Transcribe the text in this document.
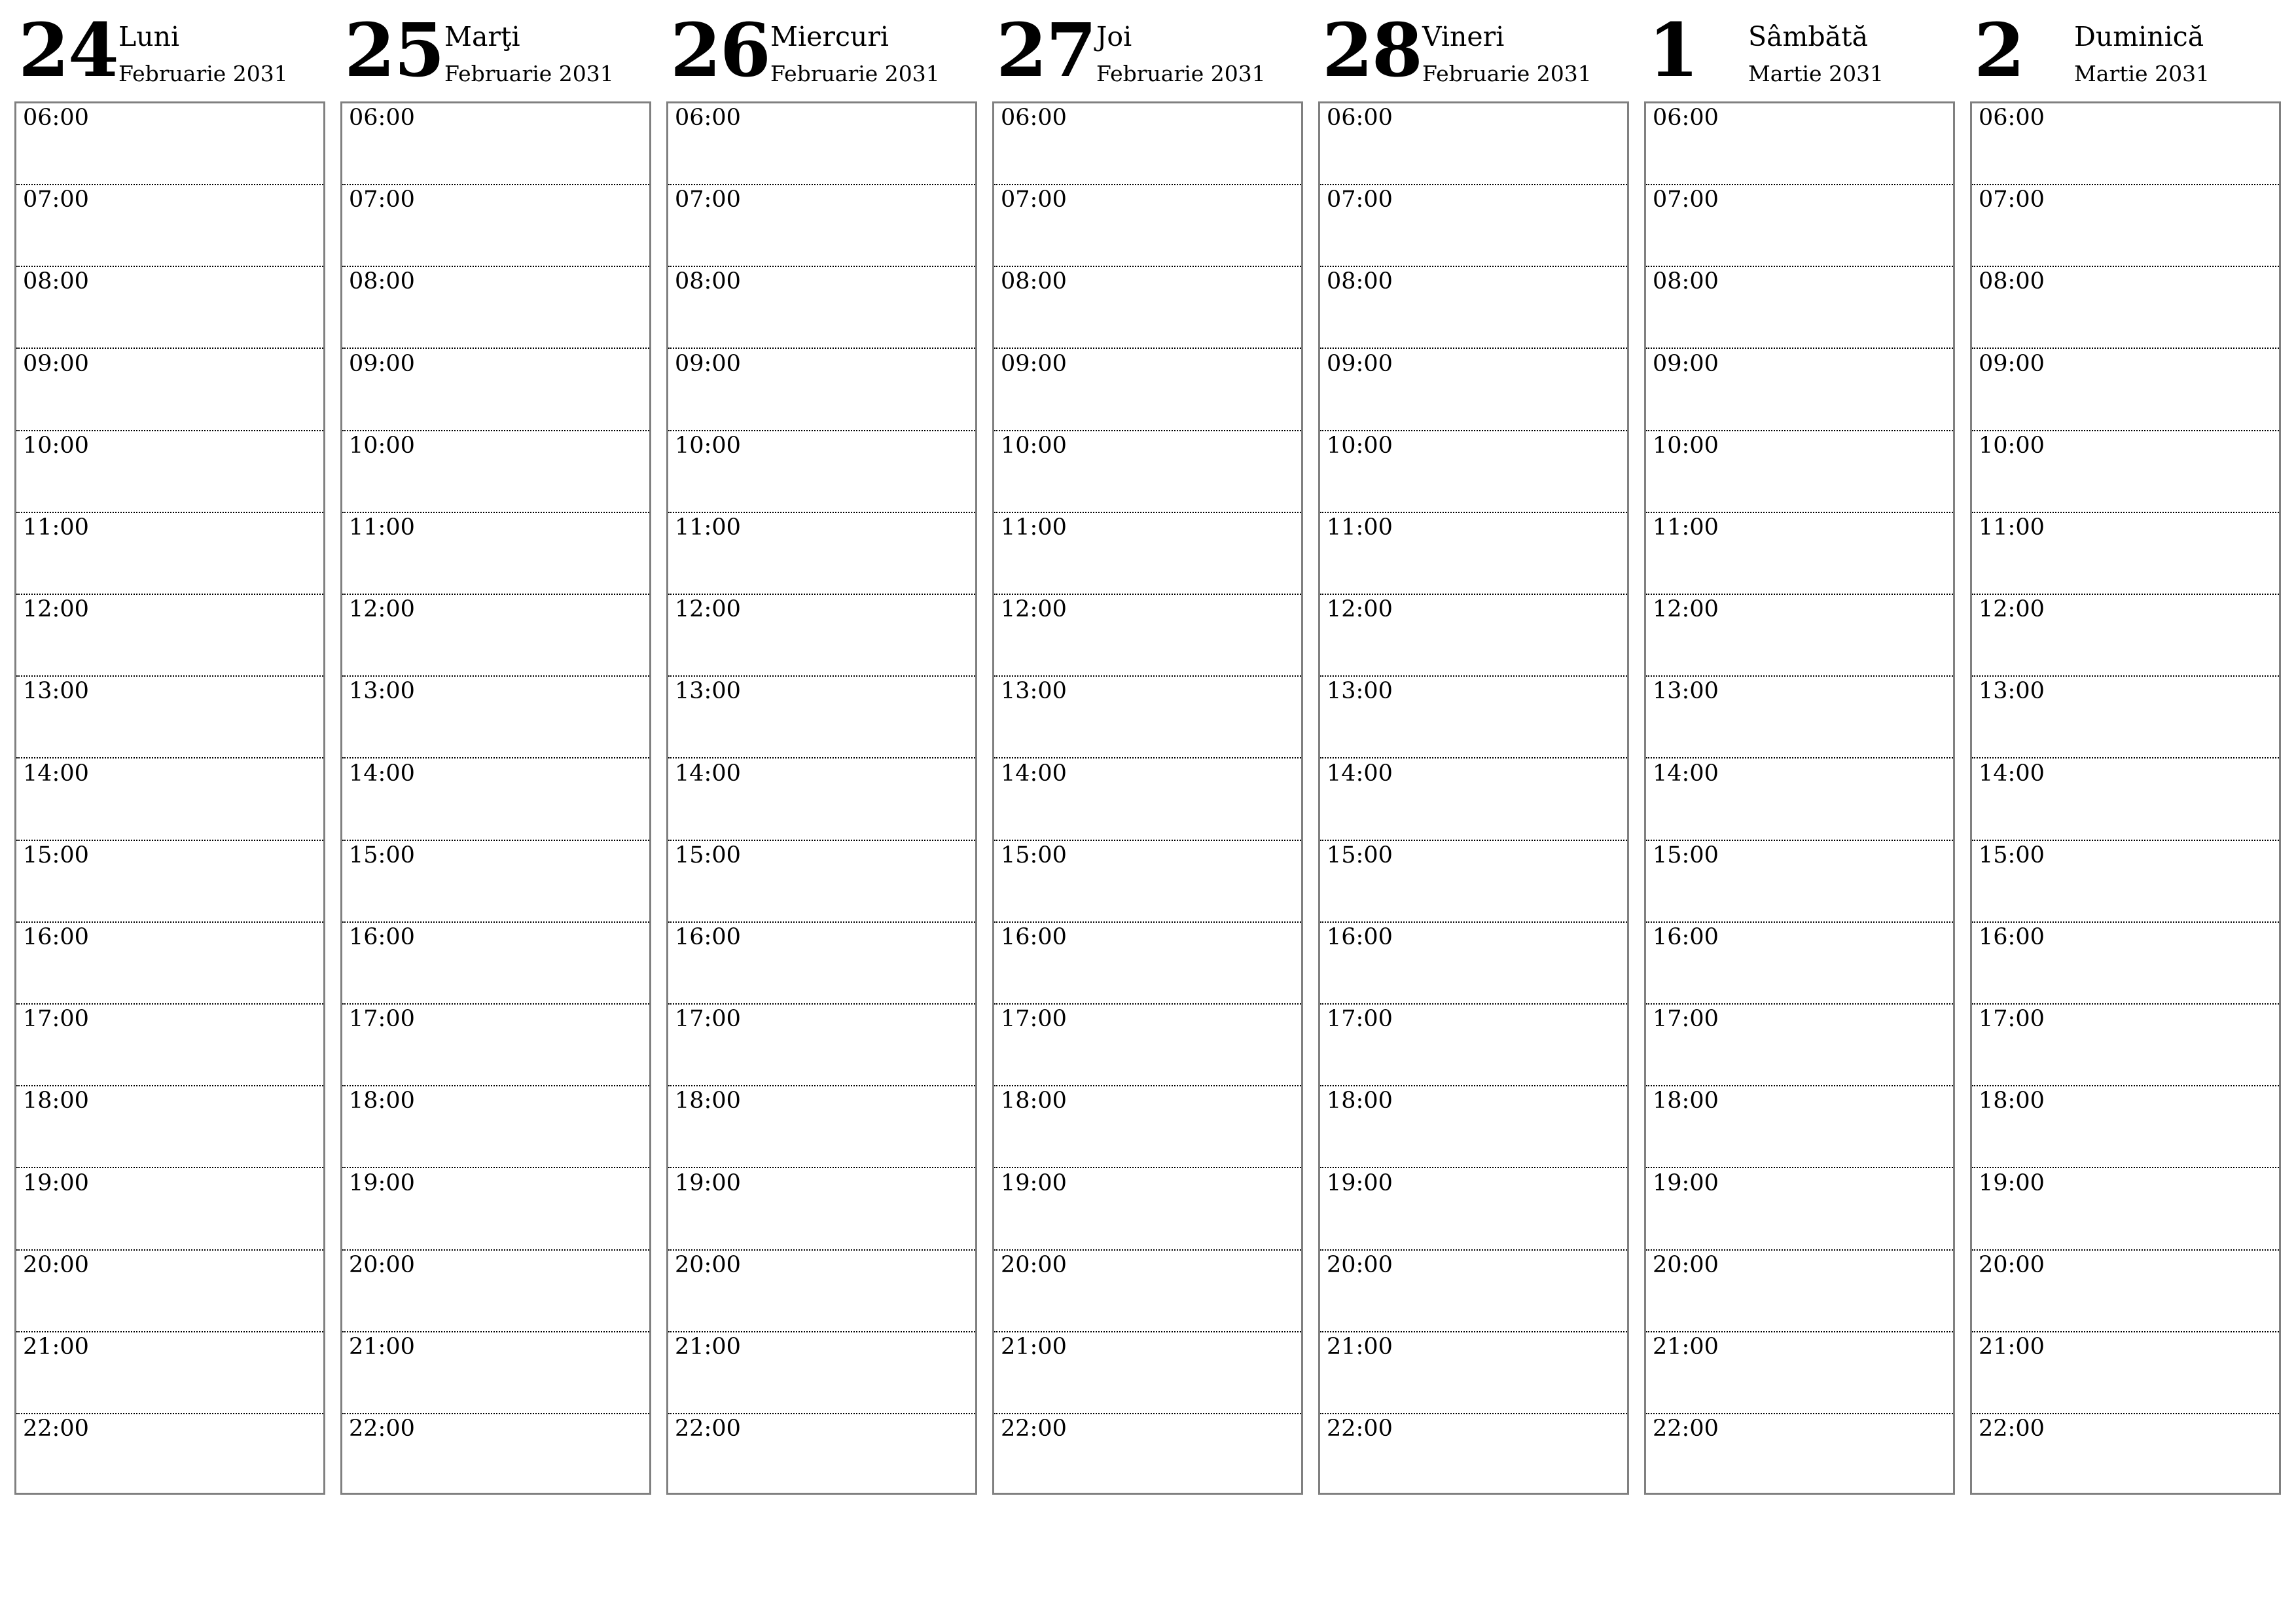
24 Luni
Februarie 2031
06:00
07:00
08:00
09:00
10:00
11:00
12:00
13:00
14:00
15:00
16:00
17:00
18:00
19:00
20:00
21:00
22:00
25 Marţi
Februarie 2031
06:00
07:00
08:00
09:00
10:00
11:00
12:00
13:00
14:00
15:00
16:00
17:00
18:00
19:00
20:00
21:00
22:00
26 Miercuri
Februarie 2031
06:00
07:00
08:00
09:00
10:00
11:00
12:00
13:00
14:00
15:00
16:00
17:00
18:00
19:00
20:00
21:00
22:00
27 Joi
Februarie 2031
06:00
07:00
08:00
09:00
10:00
11:00
12:00
13:00
14:00
15:00
16:00
17:00
18:00
19:00
20:00
21:00
22:00
28 Vineri
Februarie 2031
06:00
07:00
08:00
09:00
10:00
11:00
12:00
13:00
14:00
15:00
16:00
17:00
18:00
19:00
20:00
21:00
22:00
1 Sâmbătă
Martie 2031
06:00
07:00
08:00
09:00
10:00
11:00
12:00
13:00
14:00
15:00
16:00
17:00
18:00
19:00
20:00
21:00
22:00
2 Duminică
Martie 2031
06:00
07:00
08:00
09:00
10:00
11:00
12:00
13:00
14:00
15:00
16:00
17:00
18:00
19:00
20:00
21:00
22:00
